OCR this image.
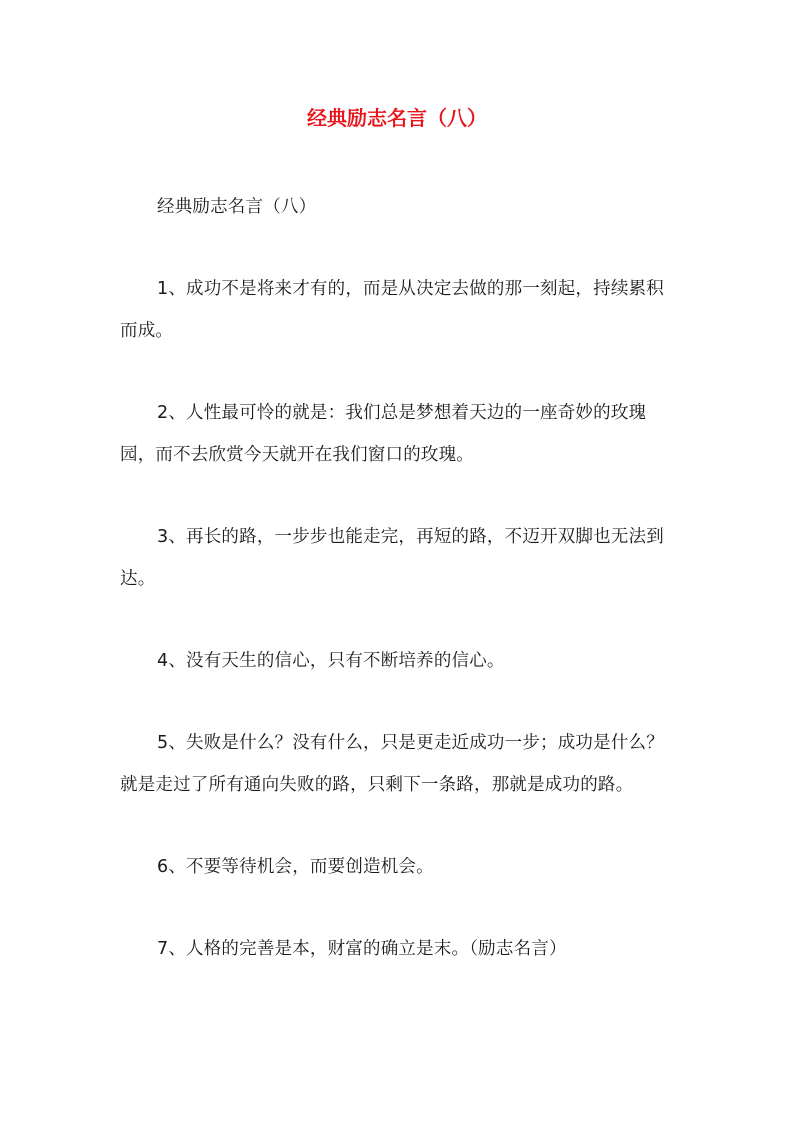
经典励志名言（八）

经典励志名言（八）

1、成功不是将来才有的，而是从决定去做的那一刻起，持续累积而成。

2、人性最可怜的就是：我们总是梦想着天边的一座奇妙的玫瑰园，而不去欣赏今天就开在我们窗口的玫瑰。

3、再长的路，一步步也能走完，再短的路，不迈开双脚也无法到达。

4、没有天生的信心，只有不断培养的信心。

5、失败是什么？没有什么，只是更走近成功一步；成功是什么？就是走过了所有通向失败的路，只剩下一条路，那就是成功的路。

6、不要等待机会，而要创造机会。

7、人格的完善是本，财富的确立是末。（励志名言）
